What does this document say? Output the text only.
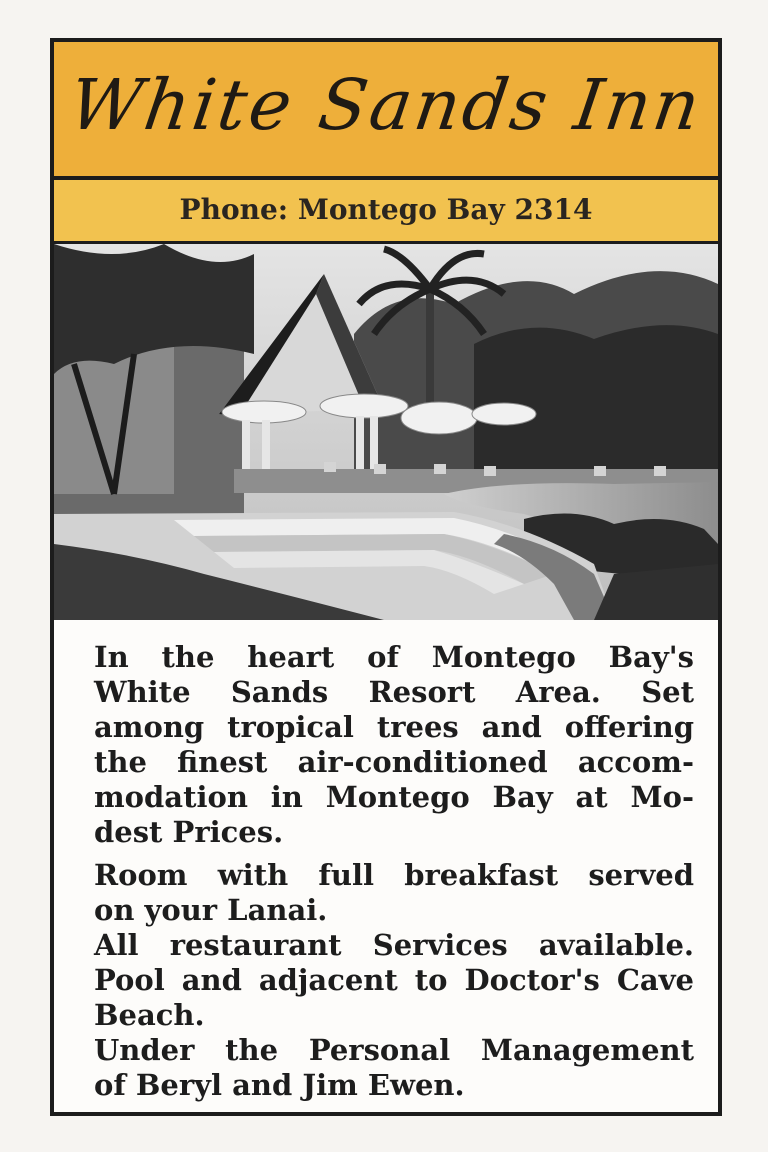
White Sands Inn
Phone: Montego Bay 2314

In the heart of Montego Bay's

White Sands Resort Area. Set

among tropical trees and offering

the finest air-conditioned accom-

modation in Montego Bay at Mo-

dest Prices.

Room with full breakfast served

on your Lanai.

All restaurant Services available.

Pool and adjacent to Doctor's Cave

Beach.

Under the Personal Management

of Beryl and Jim Ewen.
